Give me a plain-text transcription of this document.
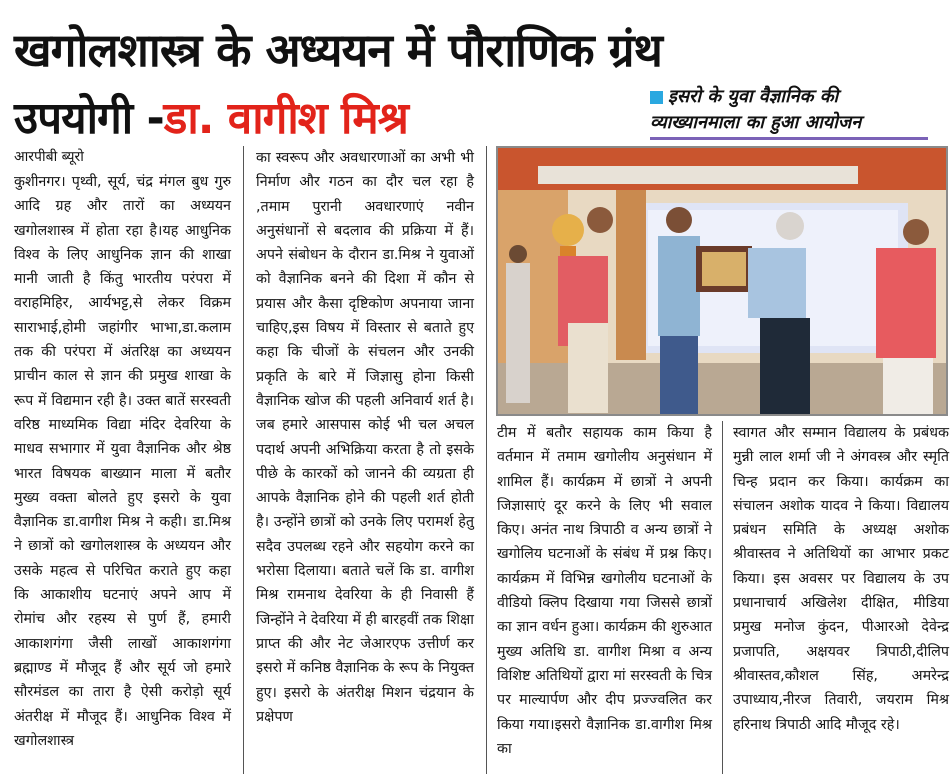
खगोलशास्त्र के अध्ययन में पौराणिक ग्रंथ
उपयोगी -डा. वागीश मिश्र	इसरो के युवा वैज्ञानिक की
व्याख्यानमाला का हुआ आयोजन
आरपीबी ब्यूरो

कुशीनगर। पृथ्वी, सूर्य, चंद्र मंगल बुध गुरु आदि ग्रह और तारों का अध्ययन खगोलशास्त्र में होता रहा है।यह आधुनिक विश्व के लिए आधुनिक ज्ञान की शाखा मानी जाती है किंतु भारतीय परंपरा में वराहमिहिर, आर्यभट्ट,से लेकर विक्रम साराभाई,होमी जहांगीर भाभा,डा.कलाम तक की परंपरा में अंतरिक्ष का अध्ययन प्राचीन काल से ज्ञान की प्रमुख शाखा के रूप में विद्यमान रही है। उक्त बातें सरस्वती वरिष्ठ माध्यमिक विद्या मंदिर देवरिया के माधव सभागार में युवा वैज्ञानिक और श्रेष्ठ भारत विषयक बाख्यान माला में बतौर मुख्य वक्ता बोलते हुए इसरो के युवा वैज्ञानिक डा.वागीश मिश्र ने कही। डा.मिश्र ने छात्रों को खगोलशास्त्र के अध्ययन और उसके महत्व से परिचित कराते हुए कहा कि आकाशीय घटनाएं अपने आप में रोमांच और रहस्य से पुर्ण हैं, हमारी आकाशगंगा जैसी लाखों आकाशगंगा ब्रह्माण्ड में मौजूद हैं और सूर्य जो हमारे सौरमंडल का तारा है ऐसी करोड़ो सूर्य अंतरीक्ष में मौजूद हैं। आधुनिक विश्व में खगोलशास्त्र

का स्वरूप और अवधारणाओं का अभी भी निर्माण और गठन का दौर चल रहा है ,तमाम पुरानी अवधारणाएं नवीन अनुसंधानों से बदलाव की प्रक्रिया में हैं। अपने संबोधन के दौरान डा.मिश्र ने युवाओं को वैज्ञानिक बनने की दिशा में कौन से प्रयास और कैसा दृष्टिकोण अपनाया जाना चाहिए,इस विषय में विस्तार से बताते हुए कहा कि चीजों के संचलन और उनकी प्रकृति के बारे में जिज्ञासु होना किसी वैज्ञानिक खोज की पहली अनिवार्य शर्त है।जब हमारे आसपास कोई भी चल अचल पदार्थ अपनी अभिक्रिया करता है तो इसके पीछे के कारकों को जानने की व्यग्रता ही आपके वैज्ञानिक होने की पहली शर्त होती है। उन्होंने छात्रों को उनके लिए परामर्श हेतु सदैव उपलब्ध रहने और सहयोग करने का भरोसा दिलाया। बताते चलें कि डा. वागीश मिश्र रामनाथ देवरिया के ही निवासी हैं जिन्होंने ने देवरिया में ही बारहवीं तक शिक्षा प्राप्त की और नेट जेआरएफ उत्तीर्ण कर इसरो में कनिष्ठ वैज्ञानिक के रूप के नियुक्त हुए। इसरो के अंतरीक्ष मिशन चंद्रयान के प्रक्षेपण

टीम में बतौर सहायक काम किया है वर्तमान में तमाम खगोलीय अनुसंधान में शामिल हैं। कार्यक्रम में छात्रों ने अपनी जिज्ञासाएं दूर करने के लिए भी सवाल किए। अनंत नाथ त्रिपाठी व अन्य छात्रों ने खगोलिय घटनाओं के संबंध में प्रश्न किए। कार्यक्रम में विभिन्न खगोलीय घटनाओं के वीडियो क्लिप दिखाया गया जिससे छात्रों का ज्ञान वर्धन हुआ। कार्यक्रम की शुरुआत मुख्य अतिथि डा. वागीश मिश्रा व अन्य विशिष्ट अतिथियों द्वारा मां सरस्वती के चित्र पर माल्यार्पण और दीप प्रज्ज्वलित कर किया गया।इसरो वैज्ञानिक डा.वागीश मिश्र का

स्वागत और सम्मान विद्यालय के प्रबंधक मुन्नी लाल शर्मा जी ने अंगवस्त्र और स्मृति चिन्ह प्रदान कर किया। कार्यक्रम का संचालन अशोक यादव ने किया। विद्यालय प्रबंधन समिति के अध्यक्ष अशोक श्रीवास्तव ने अतिथियों का आभार प्रकट किया। इस अवसर पर विद्यालय के उप प्रधानाचार्य अखिलेश दीक्षित, मीडिया प्रमुख मनोज कुंदन, पीआरओ देवेन्द्र प्रजापति, अक्षयवर त्रिपाठी,दीलिप श्रीवास्तव,कौशल सिंह, अमरेन्द्र उपाध्याय,नीरज तिवारी, जयराम मिश्र हरिनाथ त्रिपाठी आदि मौजूद रहे।
